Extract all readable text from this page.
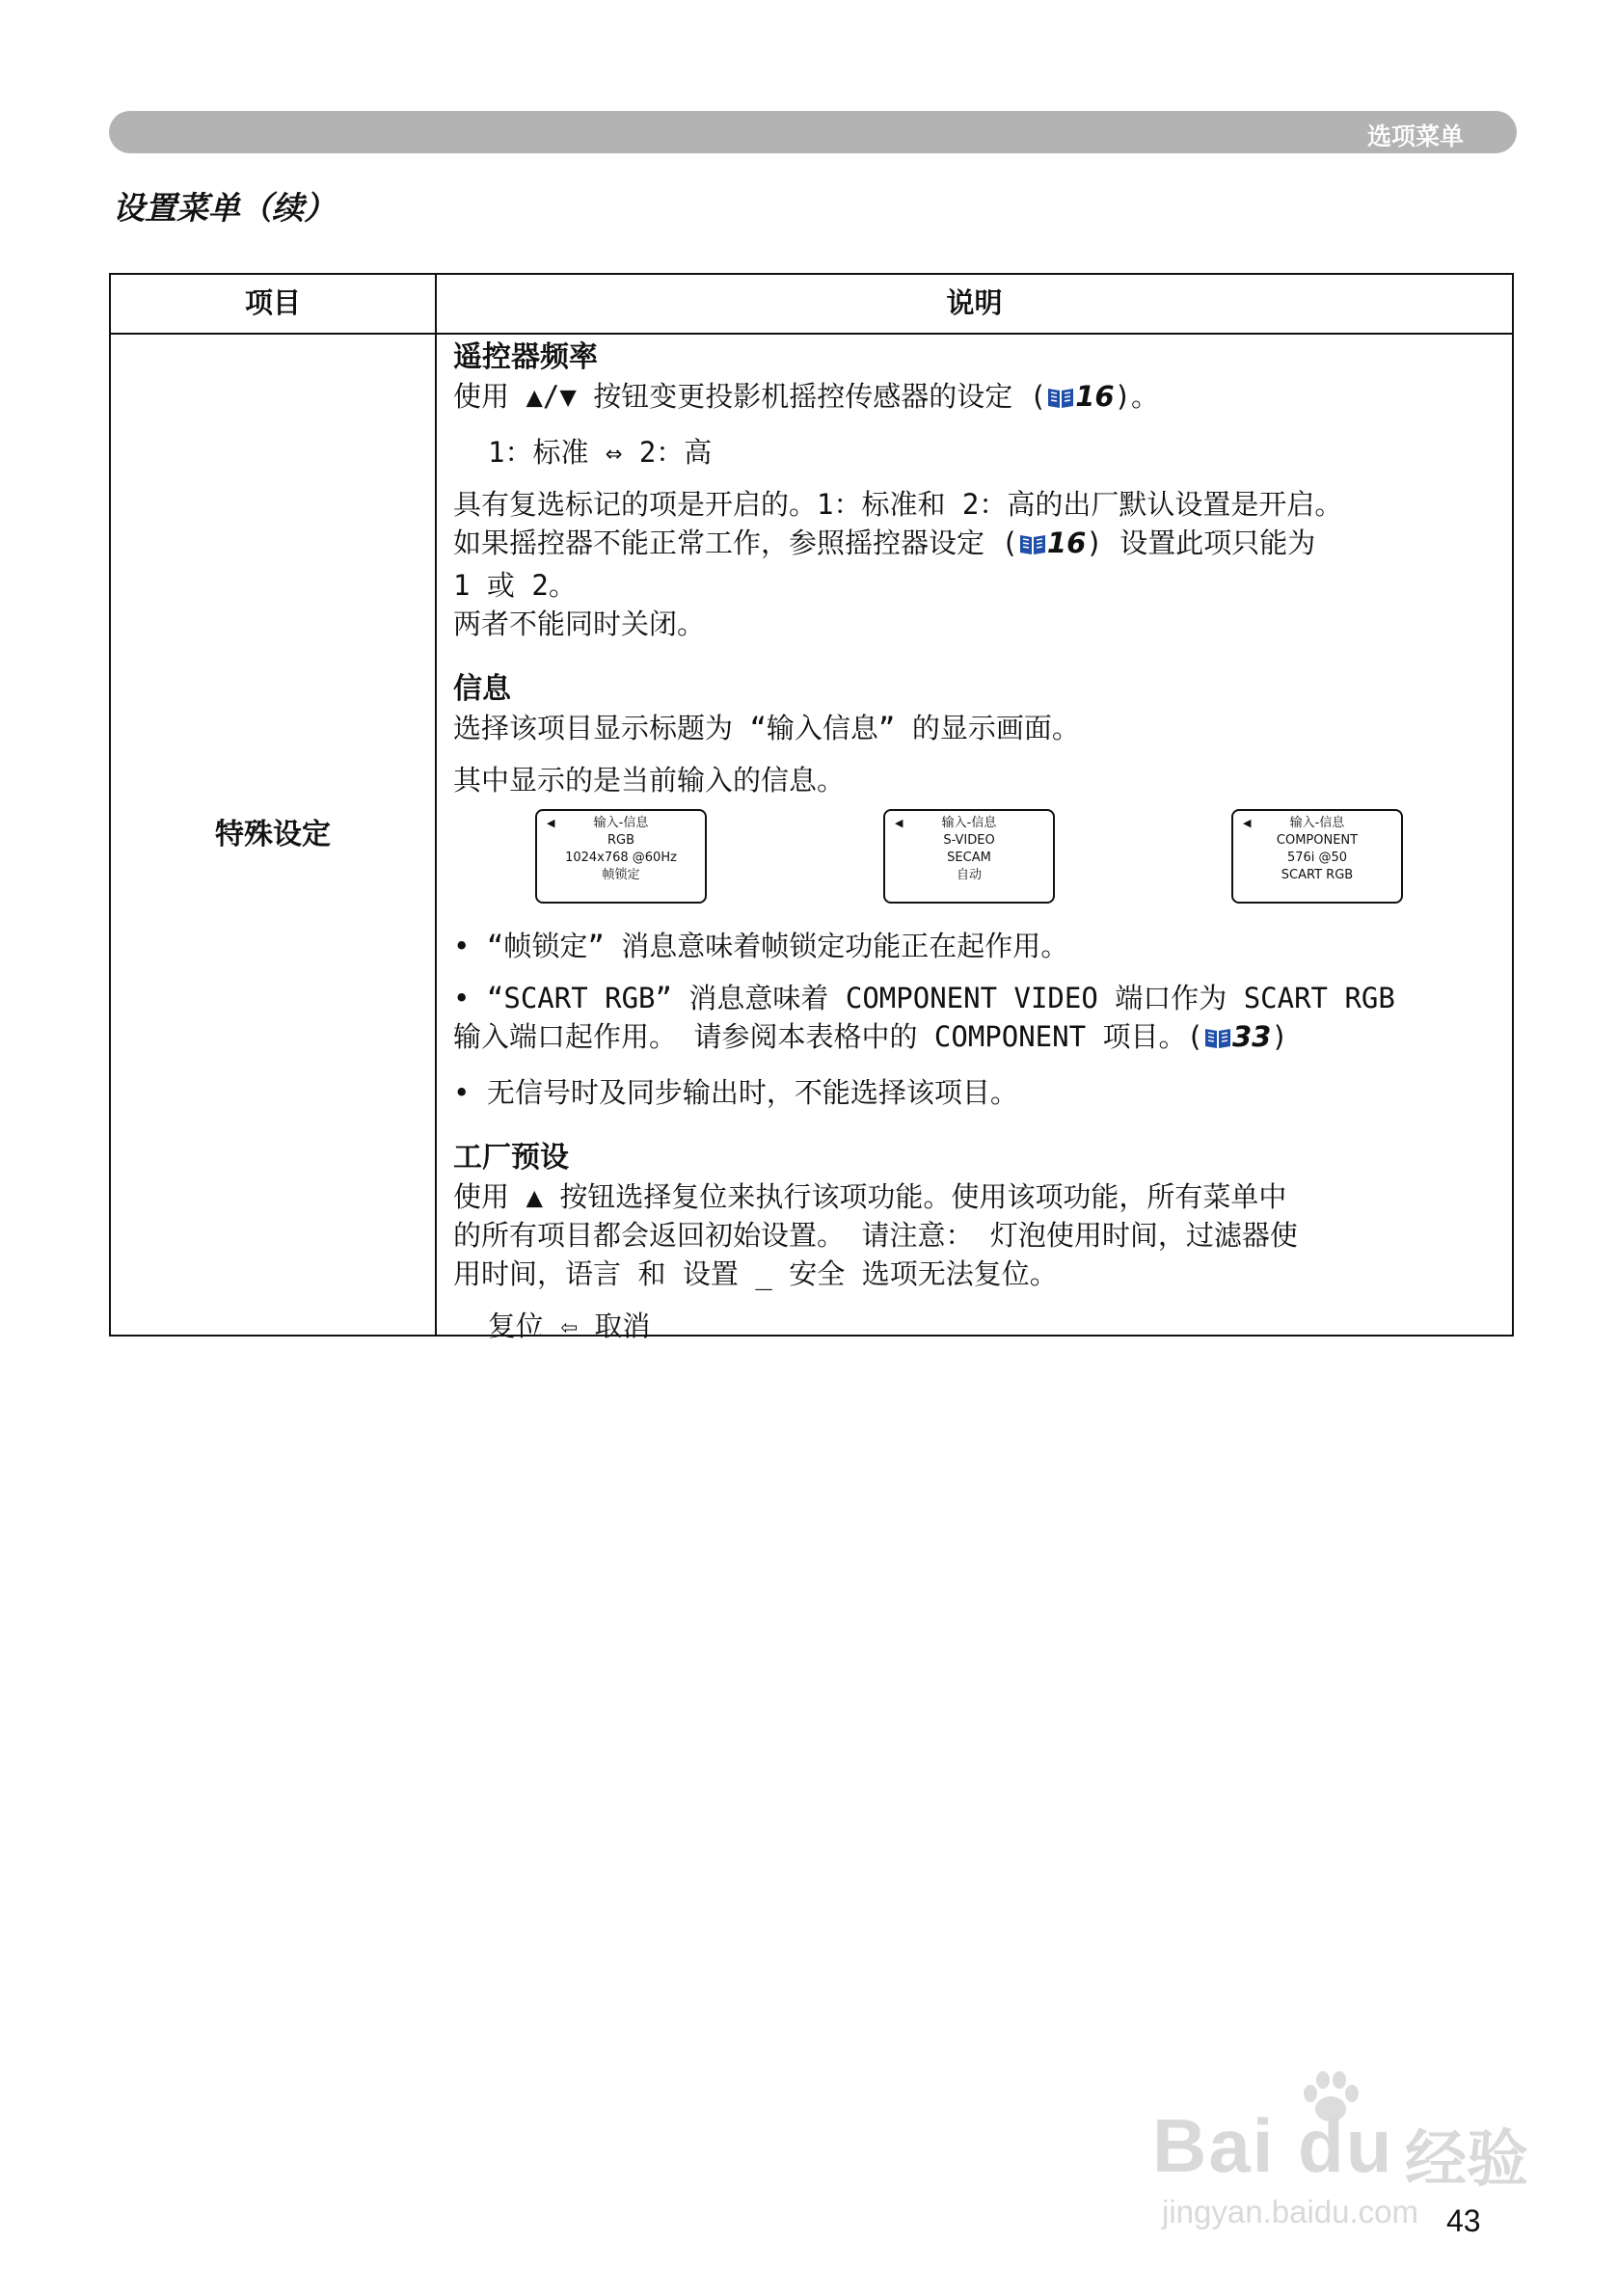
选项菜单
设置菜单（续）
项目	说明
特殊设定
遥控器频率
使用 ▲/▼ 按钮变更投影机摇控传感器的设定 ( 16)。
1：标准 ⇔ 2：高
具有复选标记的项是开启的。1：标准和 2：高的出厂默认设置是开启。
如果摇控器不能正常工作，参照摇控器设定 ( 16) 设置此项只能为
1 或 2。
两者不能同时关闭。
信息
选择该项目显示标题为 “输入信息” 的显示画面。
其中显示的是当前输入的信息。
◀	输入-信息
RGB
1024x768 @60Hz
帧锁定
◀	输入-信息
S-VIDEO
SECAM
自动
◀	输入-信息
COMPONENT
576i @50
SCART RGB
• “帧锁定” 消息意味着帧锁定功能正在起作用。
• “SCART RGB” 消息意味着 COMPONENT VIDEO 端口作为 SCART RGB
输入端口起作用。 请参阅本表格中的 COMPONENT 项目。( 33)
• 无信号时及同步输出时，不能选择该项目。
工厂预设
使用 ▲ 按钮选择复位来执行该项功能。使用该项功能，所有菜单中
的所有项目都会返回初始设置。 请注意： 灯泡使用时间，过滤器使
用时间，语言 和 设置 _ 安全 选项无法复位。
复位 ⇦ 取消
Bai du 经验
jingyan.baidu.com 43
